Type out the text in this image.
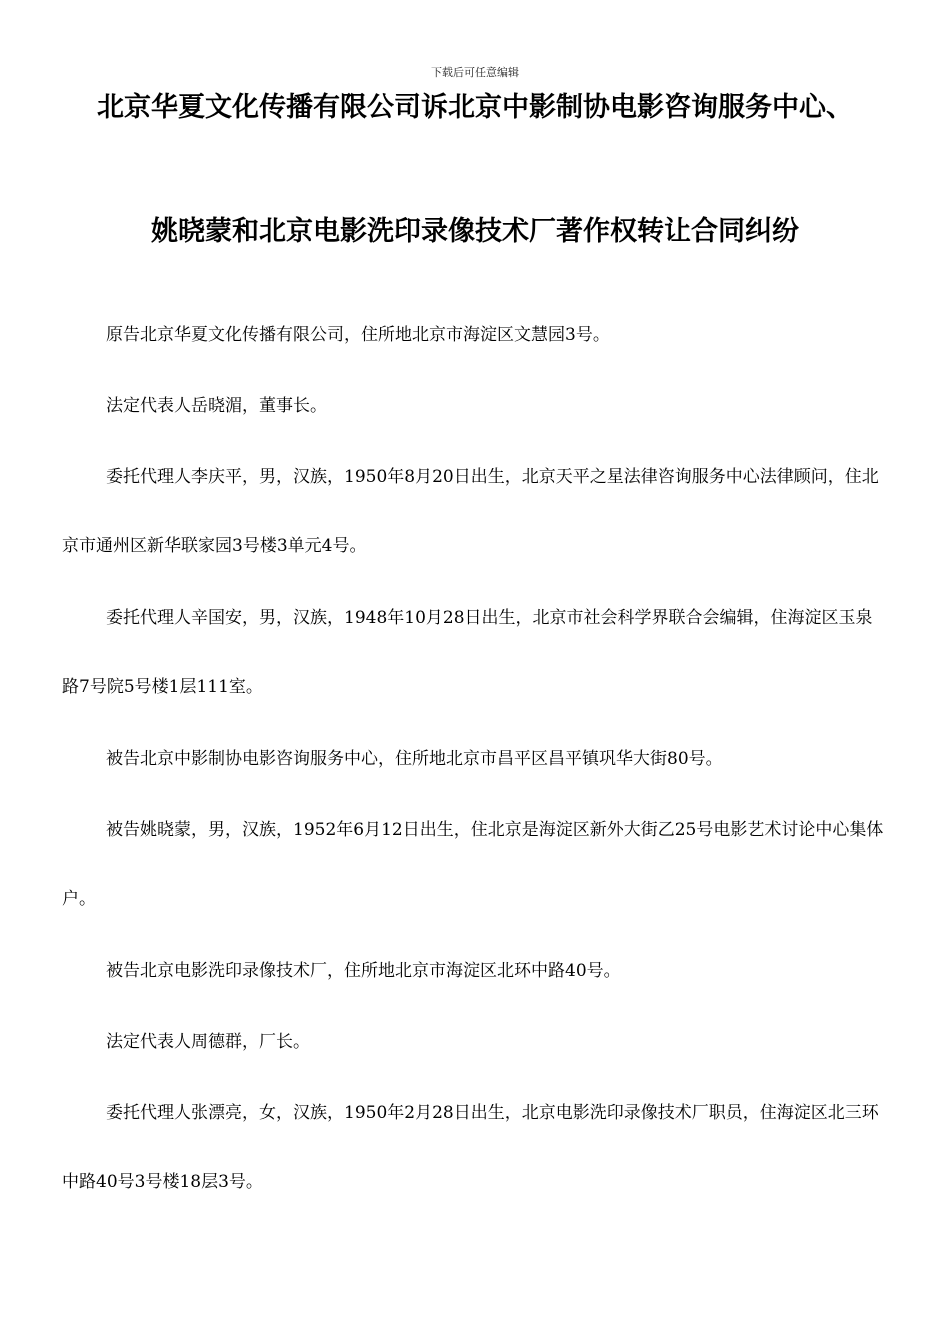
下载后可任意编辑
北京华夏文化传播有限公司诉北京中影制协电影咨询服务中心、
姚晓蒙和北京电影洗印录像技术厂著作权转让合同纠纷

原告北京华夏文化传播有限公司，住所地北京市海淀区文慧园3号。

法定代表人岳晓湄，董事长。

委托代理人李庆平，男，汉族，1950年8月20日出生，北京天平之星法律咨询服务中心法律顾问，住北京市通州区新华联家园3号楼3单元4号。

委托代理人辛国安，男，汉族，1948年10月28日出生，北京市社会科学界联合会编辑，住海淀区玉泉路7号院5号楼1层111室。

被告北京中影制协电影咨询服务中心，住所地北京市昌平区昌平镇巩华大街80号。

被告姚晓蒙，男，汉族，1952年6月12日出生，住北京是海淀区新外大街乙25号电影艺术讨论中心集体户。

被告北京电影洗印录像技术厂，住所地北京市海淀区北环中路40号。

法定代表人周德群，厂长。

委托代理人张漂亮，女，汉族，1950年2月28日出生，北京电影洗印录像技术厂职员，住海淀区北三环中路40号3号楼18层3号。
